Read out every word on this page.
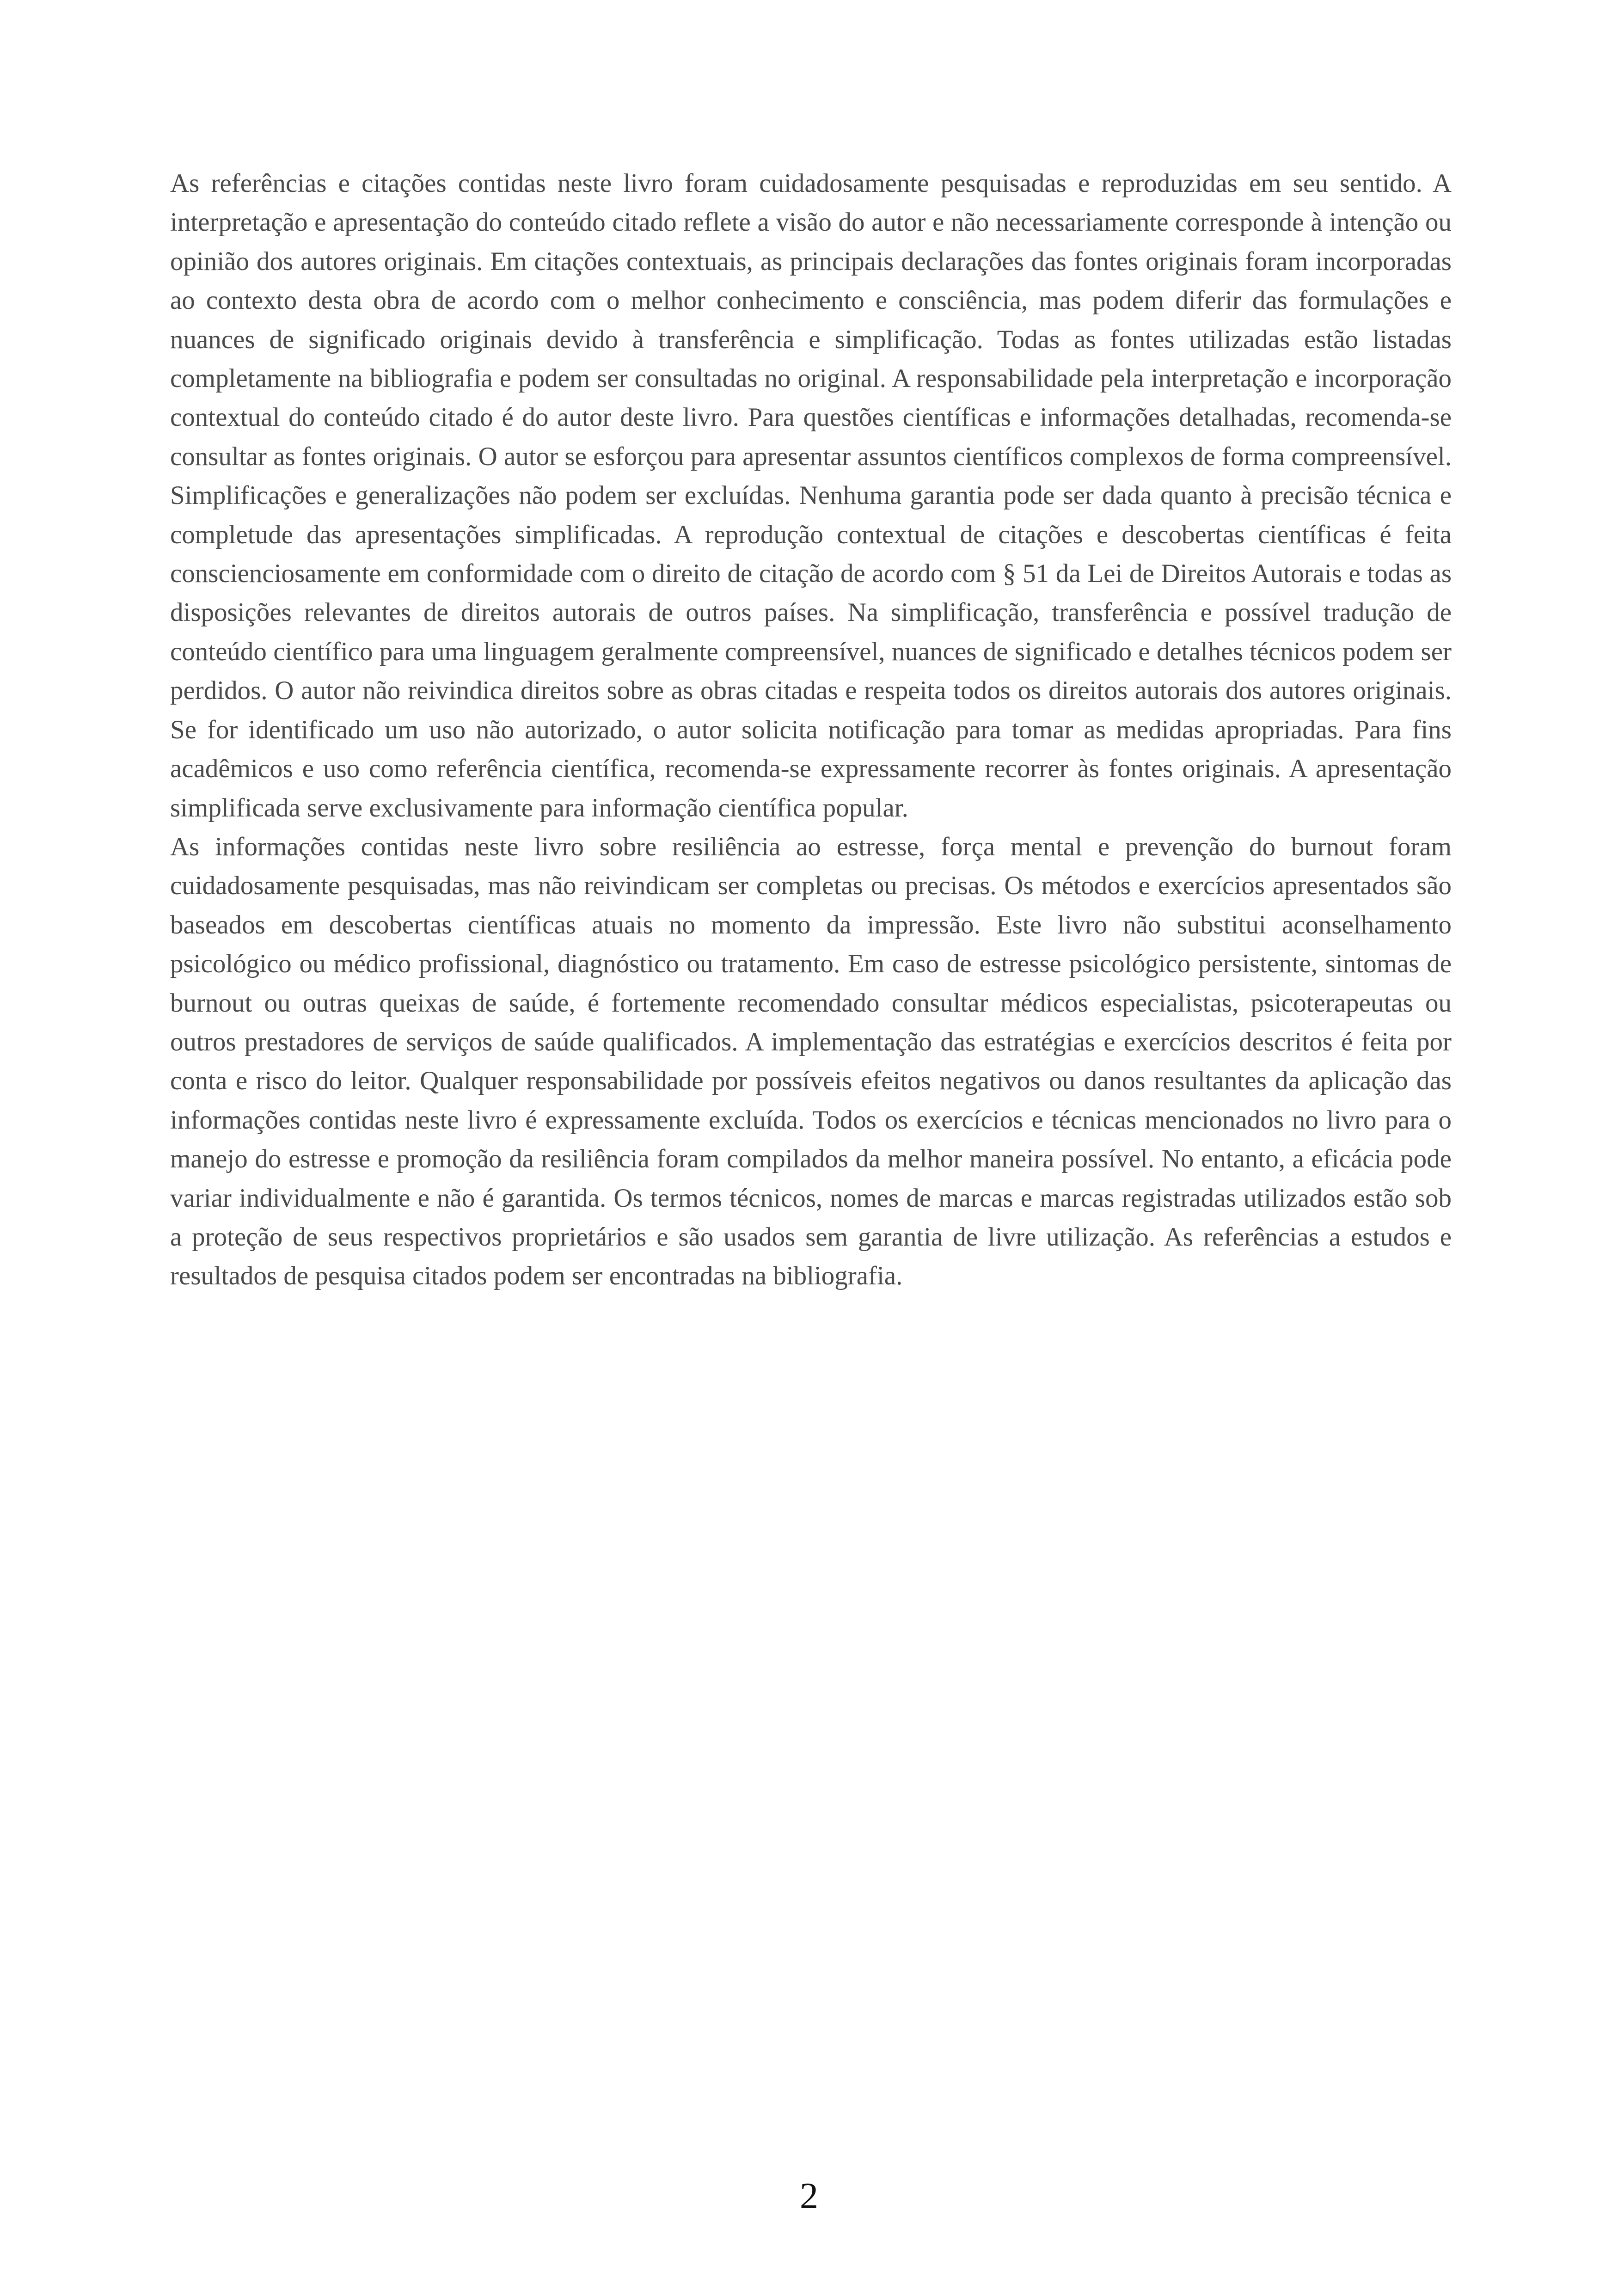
As referências e citações contidas neste livro foram cuidadosamente pesquisadas e reproduzidas em seu sentido. A interpretação e apresentação do conteúdo citado reflete a visão do autor e não necessariamente corresponde à intenção ou opinião dos autores originais. Em citações contextuais, as principais declarações das fontes originais foram incorporadas ao contexto desta obra de acordo com o melhor conhecimento e consciência, mas podem diferir das formulações e nuances de significado originais devido à transferência e simplificação. Todas as fontes utilizadas estão listadas completamente na bibliografia e podem ser consultadas no original. A responsabilidade pela interpretação e incorporação contextual do conteúdo citado é do autor deste livro. Para questões científicas e informações detalhadas, recomenda-se consultar as fontes originais. O autor se esforçou para apresentar assuntos científicos complexos de forma compreensível. Simplificações e generalizações não podem ser excluídas. Nenhuma garantia pode ser dada quanto à precisão técnica e completude das apresentações simplificadas. A reprodução contextual de citações e descobertas científicas é feita conscienciosamente em conformidade com o direito de citação de acordo com § 51 da Lei de Direitos Autorais e todas as disposições relevantes de direitos autorais de outros países. Na simplificação, transferência e possível tradução de conteúdo científico para uma linguagem geralmente compreensível, nuances de significado e detalhes técnicos podem ser perdidos. O autor não reivindica direitos sobre as obras citadas e respeita todos os direitos autorais dos autores originais. Se for identificado um uso não autorizado, o autor solicita notificação para tomar as medidas apropriadas. Para fins acadêmicos e uso como referência científica, recomenda-se expressamente recorrer às fontes originais. A apresentação simplificada serve exclusivamente para informação científica popular.

As informações contidas neste livro sobre resiliência ao estresse, força mental e prevenção do burnout foram cuidadosamente pesquisadas, mas não reivindicam ser completas ou precisas. Os métodos e exercícios apresentados são baseados em descobertas científicas atuais no momento da impressão. Este livro não substitui aconselhamento psicológico ou médico profissional, diagnóstico ou tratamento. Em caso de estresse psicológico persistente, sintomas de burnout ou outras queixas de saúde, é fortemente recomendado consultar médicos especialistas, psicoterapeutas ou outros prestadores de serviços de saúde qualificados. A implementação das estratégias e exercícios descritos é feita por conta e risco do leitor. Qualquer responsabilidade por possíveis efeitos negativos ou danos resultantes da aplicação das informações contidas neste livro é expressamente excluída. Todos os exercícios e técnicas mencionados no livro para o manejo do estresse e promoção da resiliência foram compilados da melhor maneira possível. No entanto, a eficácia pode variar individualmente e não é garantida. Os termos técnicos, nomes de marcas e marcas registradas utilizados estão sob a proteção de seus respectivos proprietários e são usados sem garantia de livre utilização. As referências a estudos e resultados de pesquisa citados podem ser encontradas na bibliografia.

2
